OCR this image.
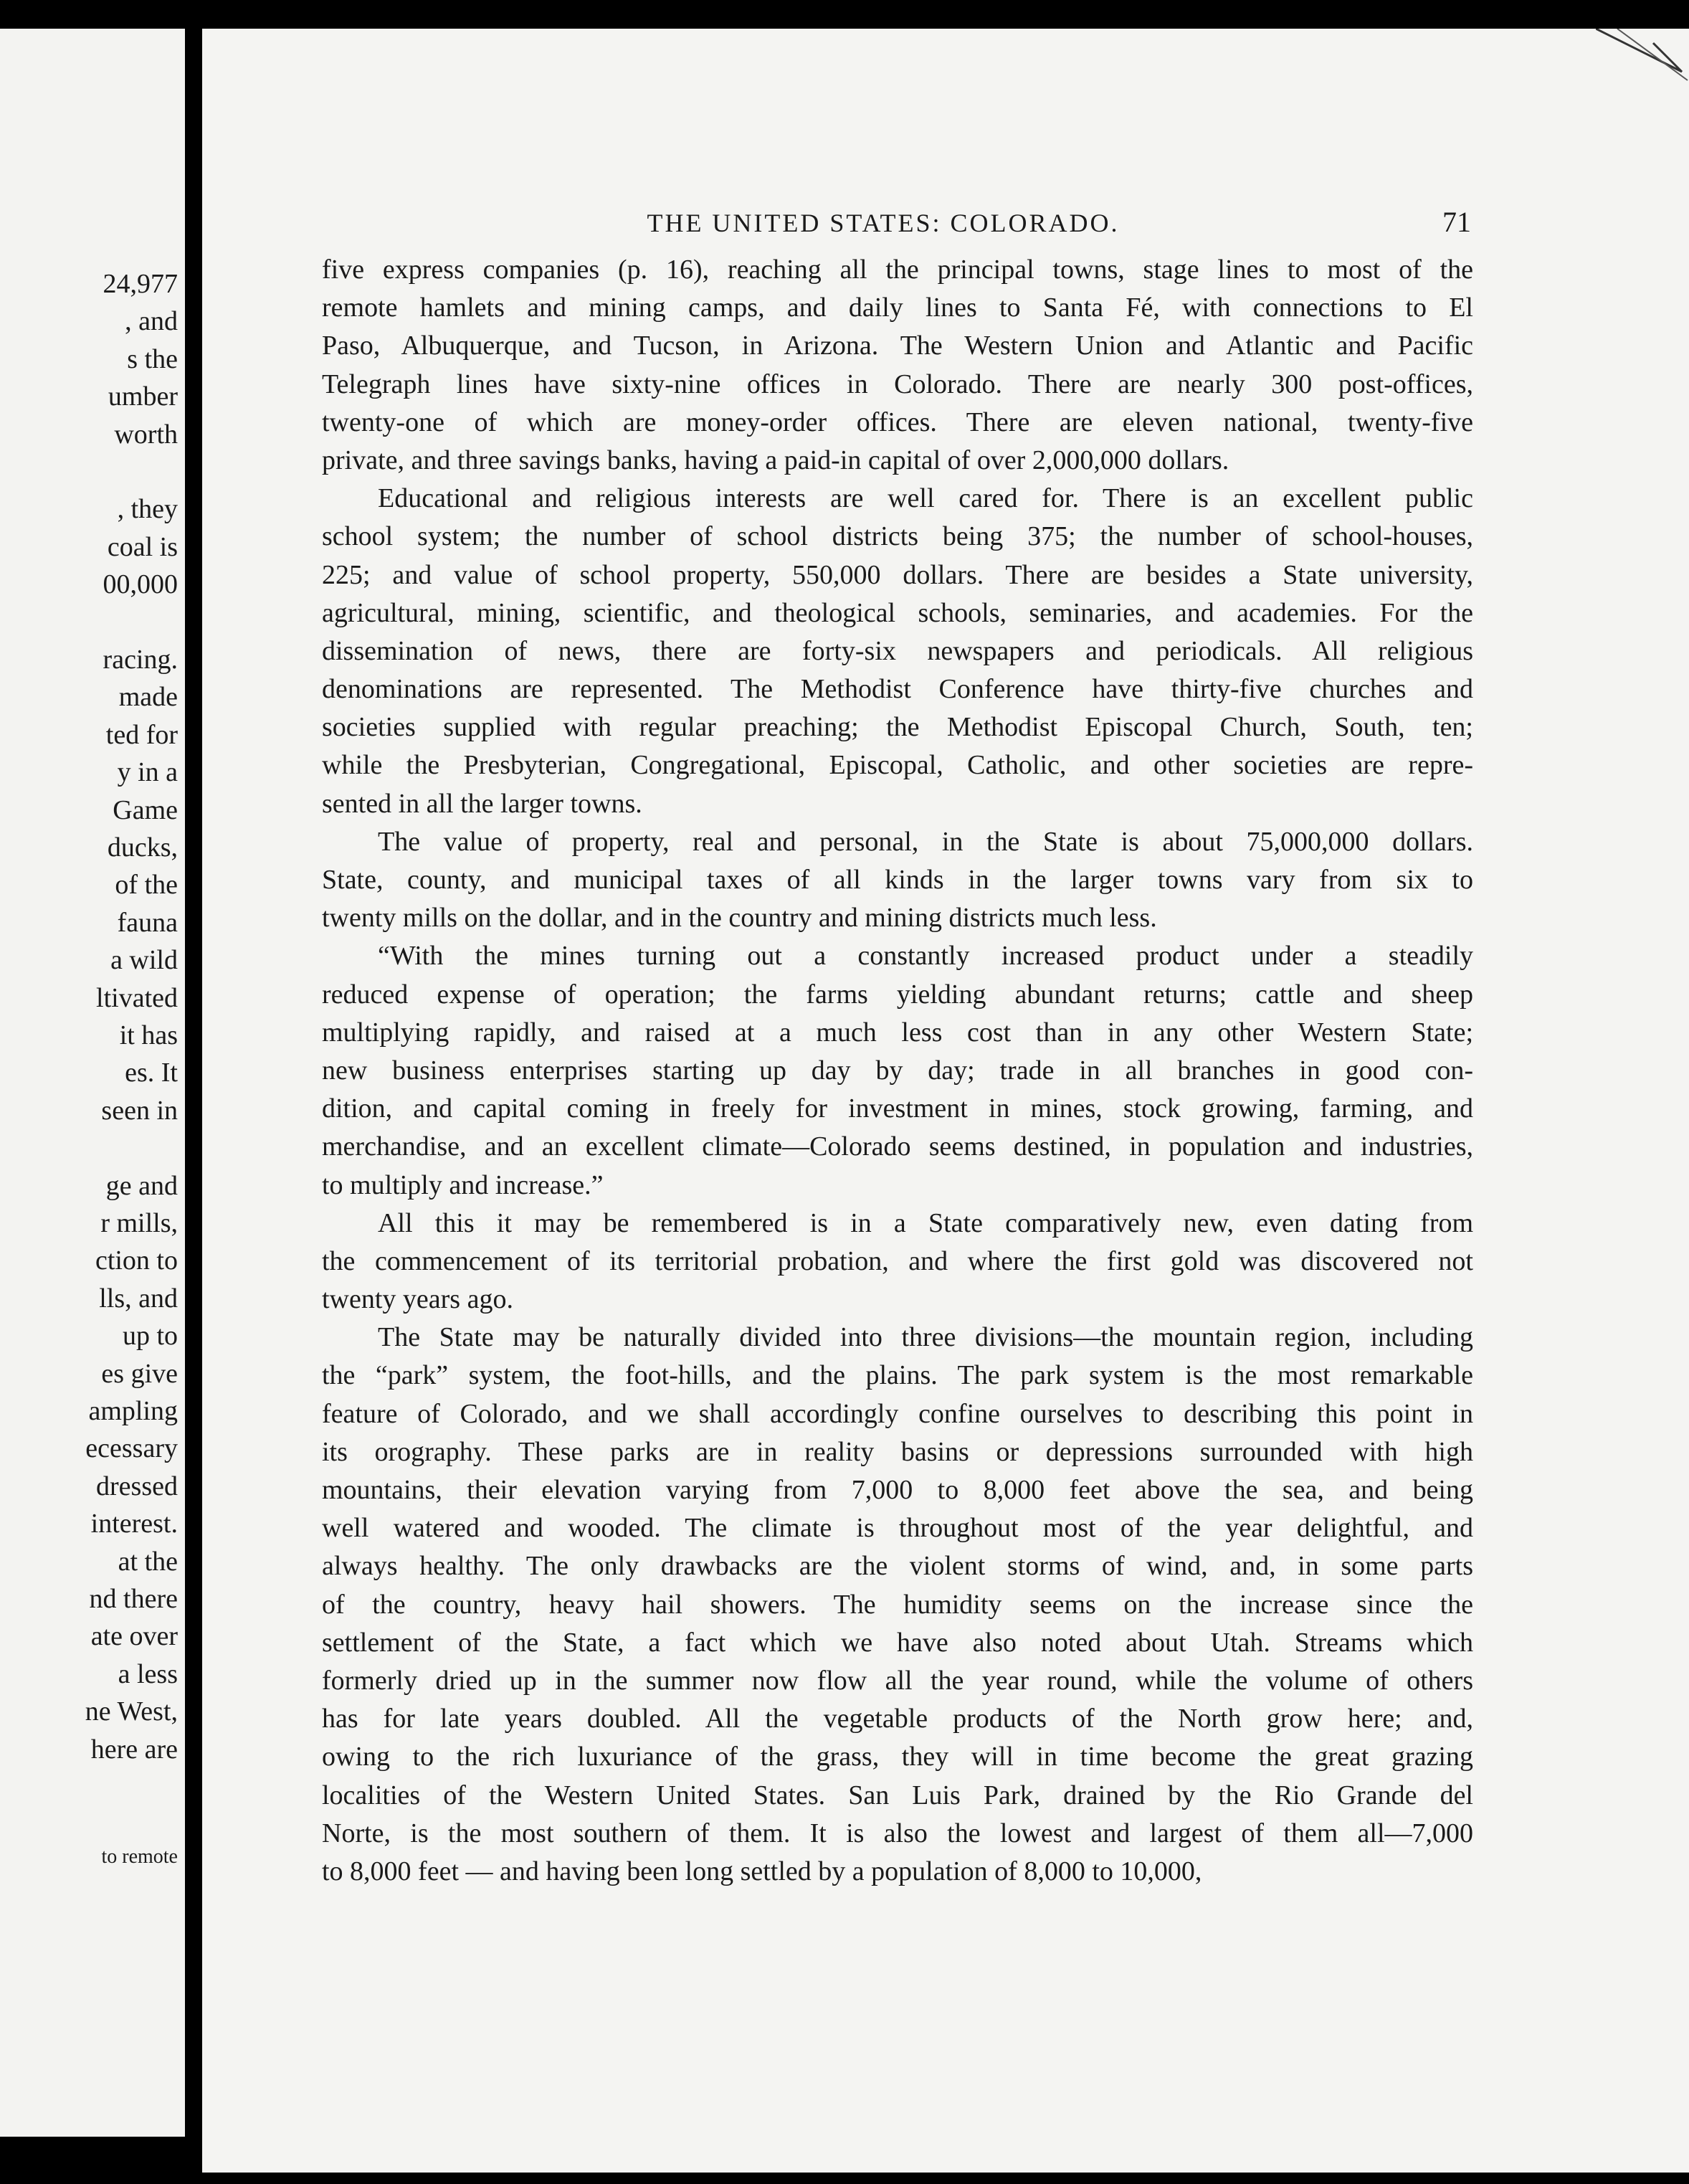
24,977
, and
s the
umber
worth
, they
coal is
00,000
racing.
made
ted for
y in a
Game
ducks,
of the
fauna
a wild
ltivated
it has
es. It
seen in
ge and
r mills,
ction to
lls, and
up to
es give
ampling
ecessary
dressed
interest.
at the
nd there
ate over
a less
ne West,
here are
to remote
THE UNITED STATES: COLORADO.	71
five express companies (p. 16), reaching all the principal towns, stage lines to most of the
remote hamlets and mining camps, and daily lines to Santa Fé, with connections to El
Paso, Albuquerque, and Tucson, in Arizona. The Western Union and Atlantic and Pacific
Telegraph lines have sixty-nine offices in Colorado. There are nearly 300 post-offices,
twenty-one of which are money-order offices. There are eleven national, twenty-five
private, and three savings banks, having a paid-in capital of over 2,000,000 dollars.
Educational and religious interests are well cared for. There is an excellent public
school system; the number of school districts being 375; the number of school-houses,
225; and value of school property, 550,000 dollars. There are besides a State university,
agricultural, mining, scientific, and theological schools, seminaries, and academies. For the
dissemination of news, there are forty-six newspapers and periodicals. All religious
denominations are represented. The Methodist Conference have thirty-five churches and
societies supplied with regular preaching; the Methodist Episcopal Church, South, ten;
while the Presbyterian, Congregational, Episcopal, Catholic, and other societies are repre-
sented in all the larger towns.
The value of property, real and personal, in the State is about 75,000,000 dollars.
State, county, and municipal taxes of all kinds in the larger towns vary from six to
twenty mills on the dollar, and in the country and mining districts much less.
“With the mines turning out a constantly increased product under a steadily
reduced expense of operation; the farms yielding abundant returns; cattle and sheep
multiplying rapidly, and raised at a much less cost than in any other Western State;
new business enterprises starting up day by day; trade in all branches in good con-
dition, and capital coming in freely for investment in mines, stock growing, farming, and
merchandise, and an excellent climate—Colorado seems destined, in population and industries,
to multiply and increase.”
All this it may be remembered is in a State comparatively new, even dating from
the commencement of its territorial probation, and where the first gold was discovered not
twenty years ago.
The State may be naturally divided into three divisions—the mountain region, including
the “park” system, the foot-hills, and the plains. The park system is the most remarkable
feature of Colorado, and we shall accordingly confine ourselves to describing this point in
its orography. These parks are in reality basins or depressions surrounded with high
mountains, their elevation varying from 7,000 to 8,000 feet above the sea, and being
well watered and wooded. The climate is throughout most of the year delightful, and
always healthy. The only drawbacks are the violent storms of wind, and, in some parts
of the country, heavy hail showers. The humidity seems on the increase since the
settlement of the State, a fact which we have also noted about Utah. Streams which
formerly dried up in the summer now flow all the year round, while the volume of others
has for late years doubled. All the vegetable products of the North grow here; and,
owing to the rich luxuriance of the grass, they will in time become the great grazing
localities of the Western United States. San Luis Park, drained by the Rio Grande del
Norte, is the most southern of them. It is also the lowest and largest of them all—7,000
to 8,000 feet — and having been long settled by a population of 8,000 to 10,000,
